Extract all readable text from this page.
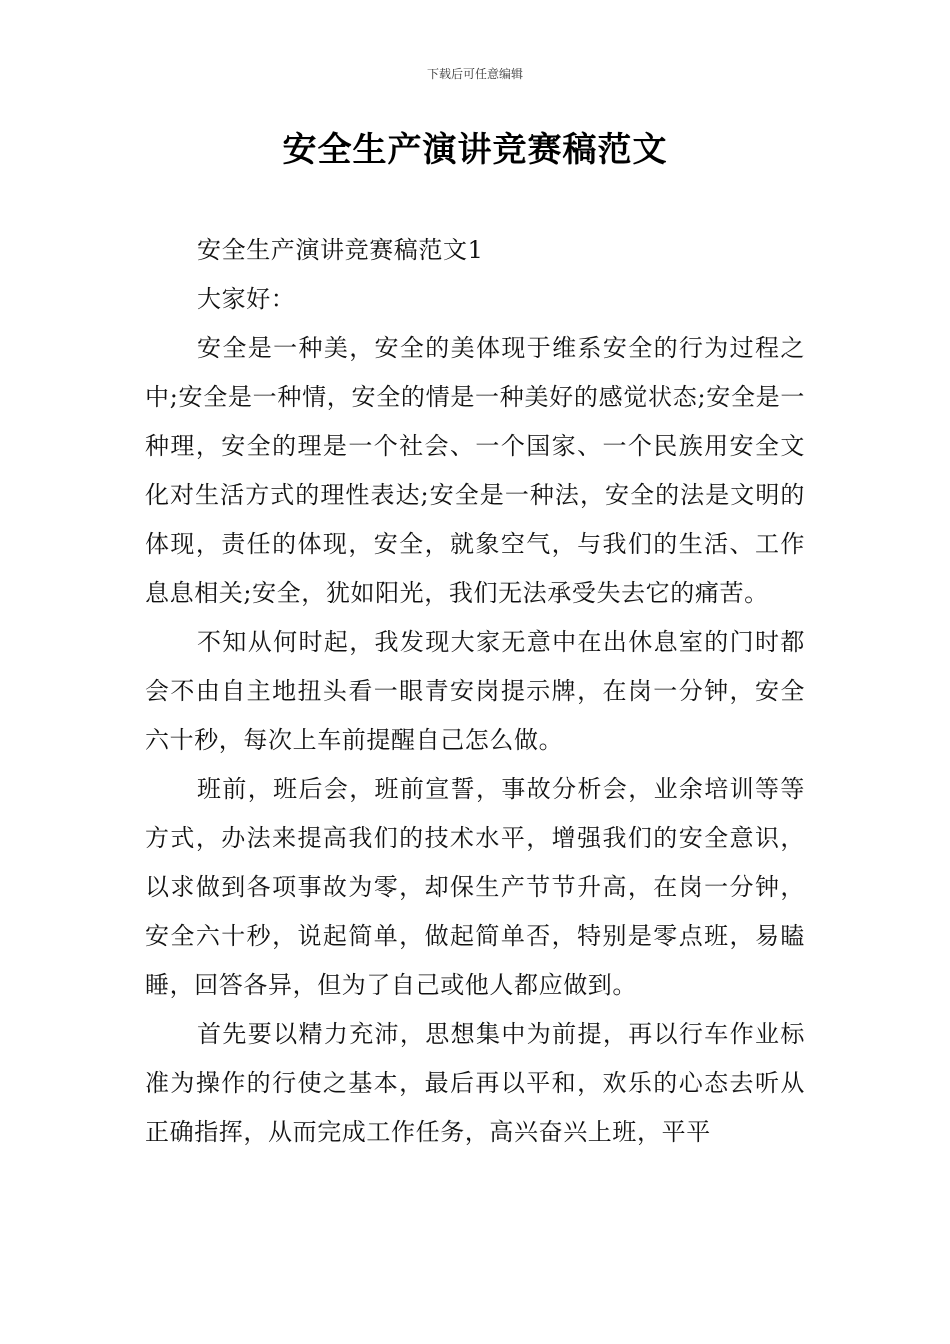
下载后可任意编辑
安全生产演讲竞赛稿范文

安全生产演讲竞赛稿范文1

大家好：

安全是一种美，安全的美体现于维系安全的行为过程之中;安全是一种情，安全的情是一种美好的感觉状态;安全是一种理，安全的理是一个社会、一个国家、一个民族用安全文化对生活方式的理性表达;安全是一种法，安全的法是文明的体现，责任的体现，安全，就象空气，与我们的生活、工作息息相关;安全，犹如阳光，我们无法承受失去它的痛苦。

不知从何时起，我发现大家无意中在出休息室的门时都会不由自主地扭头看一眼青安岗提示牌，在岗一分钟，安全六十秒，每次上车前提醒自己怎么做。

班前，班后会，班前宣誓，事故分析会，业余培训等等方式，办法来提高我们的技术水平，增强我们的安全意识，以求做到各项事故为零，却保生产节节升高，在岗一分钟，安全六十秒，说起简单，做起简单否，特别是零点班，易瞌睡，回答各异，但为了自己或他人都应做到。

首先要以精力充沛，思想集中为前提，再以行车作业标准为操作的行使之基本，最后再以平和，欢乐的心态去听从正确指挥，从而完成工作任务，高兴奋兴上班，平平
